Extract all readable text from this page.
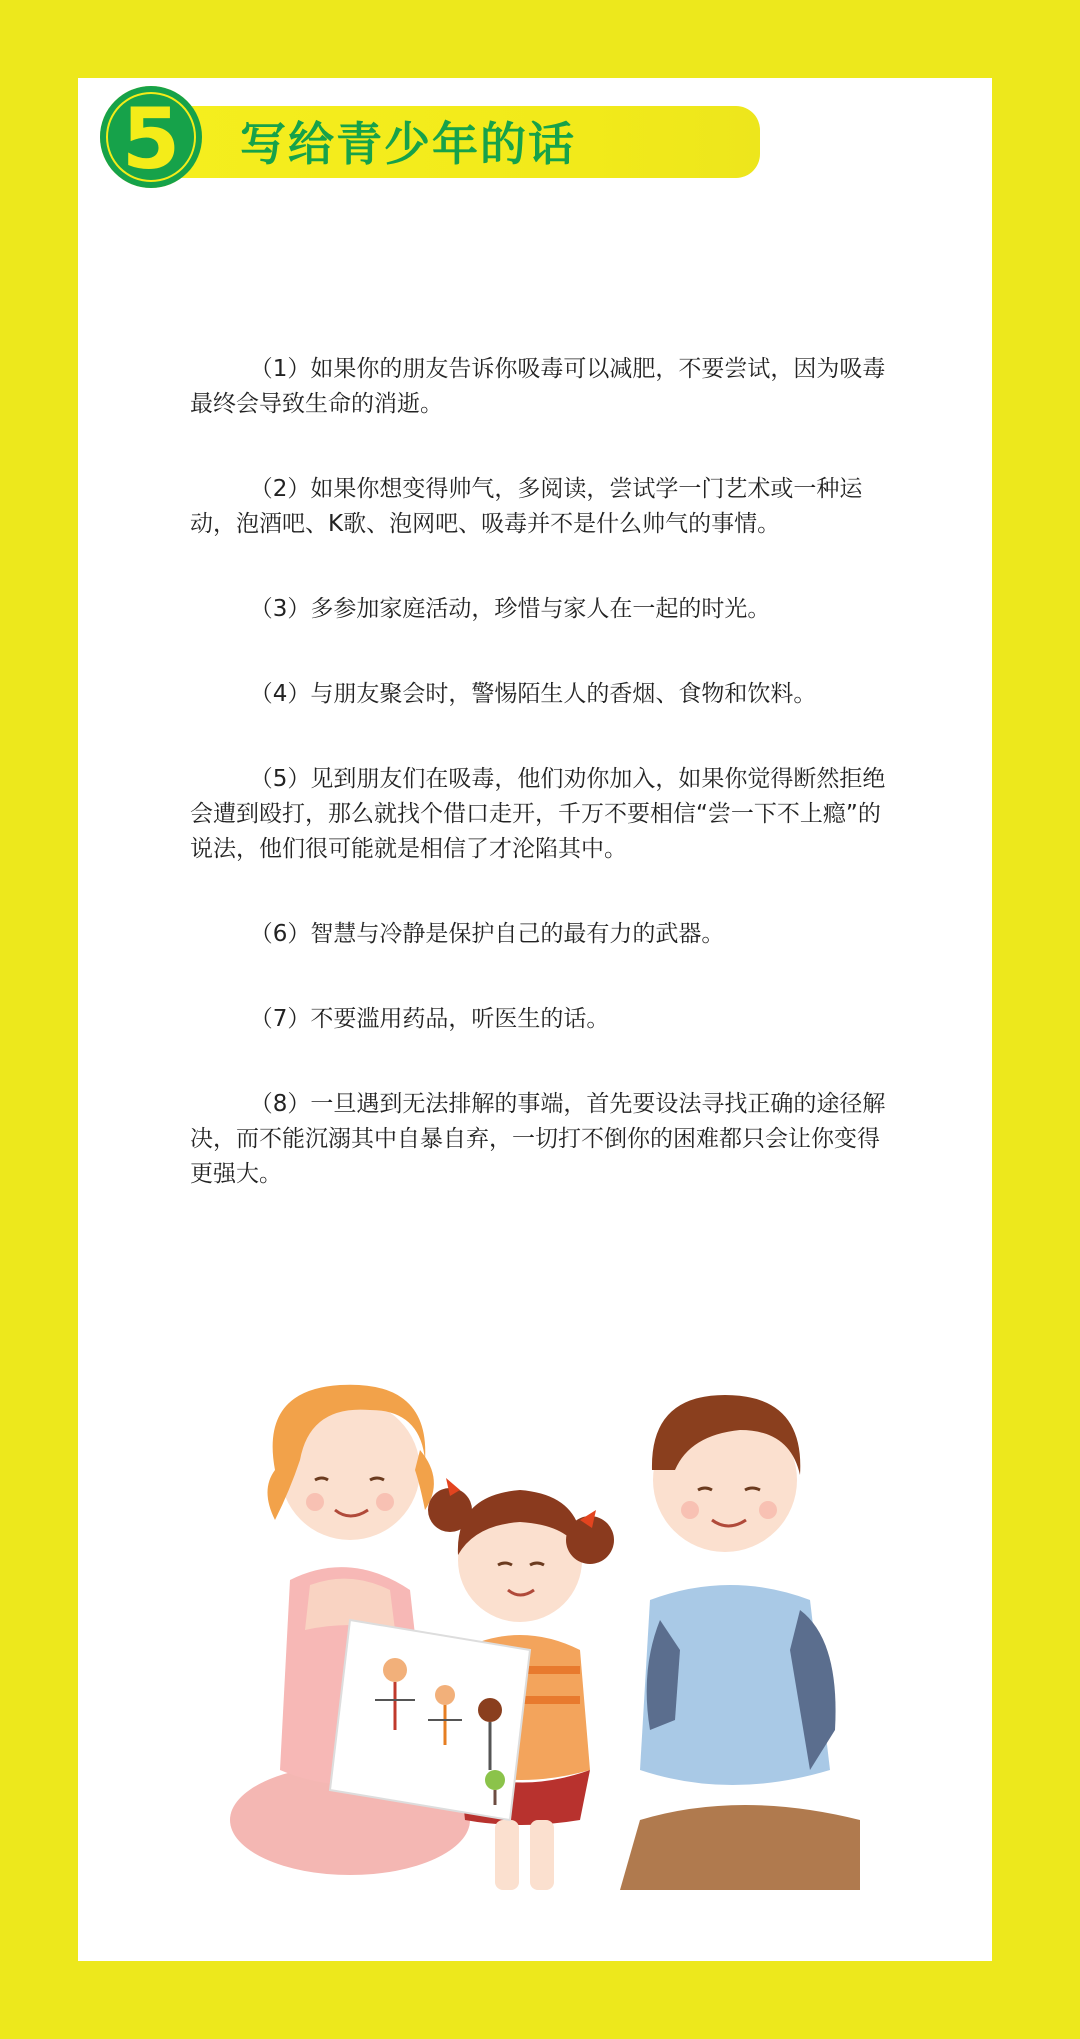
5 写给青少年的话

（1）如果你的朋友告诉你吸毒可以减肥，不要尝试，因为吸毒最终会导致生命的消逝。

（2）如果你想变得帅气，多阅读，尝试学一门艺术或一种运动，泡酒吧、K歌、泡网吧、吸毒并不是什么帅气的事情。

（3）多参加家庭活动，珍惜与家人在一起的时光。

（4）与朋友聚会时，警惕陌生人的香烟、食物和饮料。

（5）见到朋友们在吸毒，他们劝你加入，如果你觉得断然拒绝会遭到殴打，那么就找个借口走开，千万不要相信“尝一下不上瘾”的说法，他们很可能就是相信了才沦陷其中。

（6）智慧与冷静是保护自己的最有力的武器。

（7）不要滥用药品，听医生的话。

（8）一旦遇到无法排解的事端，首先要设法寻找正确的途径解决，而不能沉溺其中自暴自弃，一切打不倒你的困难都只会让你变得更强大。
